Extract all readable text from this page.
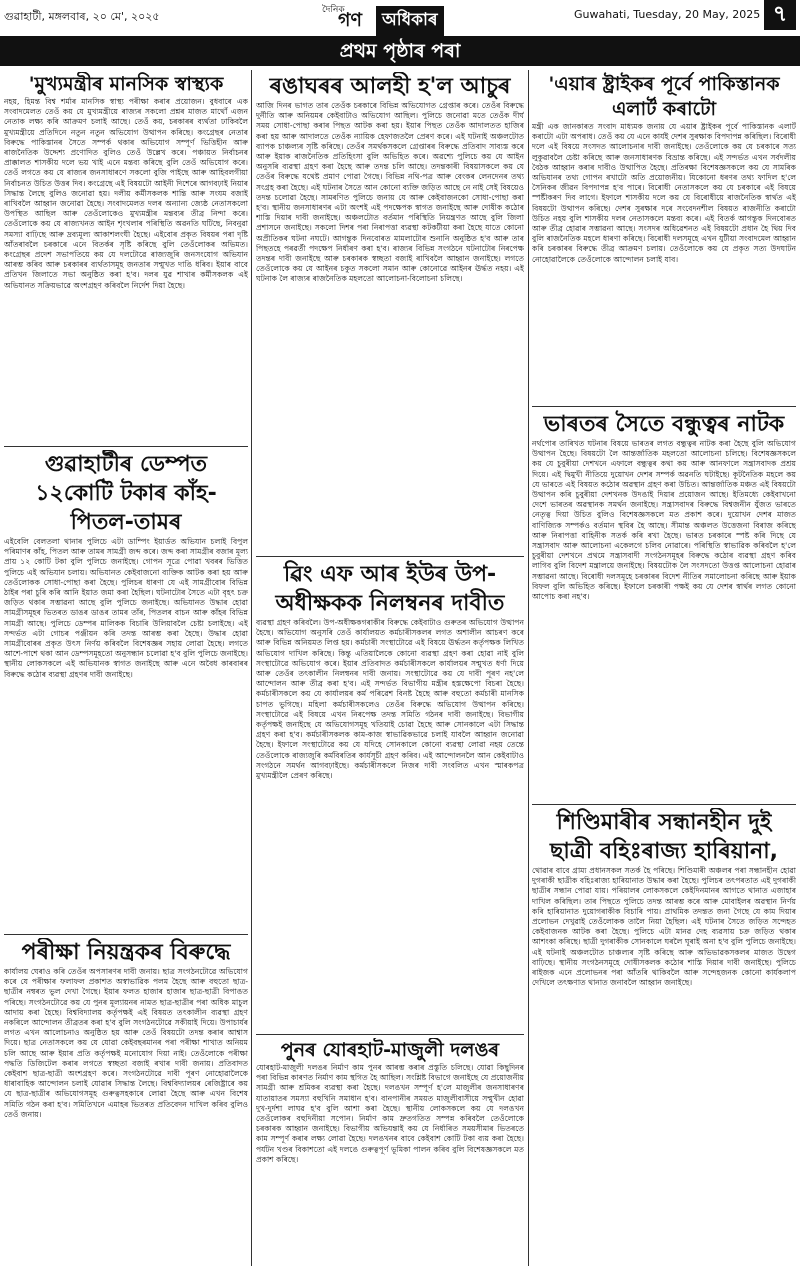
গুৱাহাটী, মঙ্গলবাৰ, ২০ মে', ২০২৫	দৈনিক
গণ	অধিকাৰ	Guwahati, Tuesday, 20 May, 2025 ৭
প্ৰথম পৃষ্ঠাৰ পৰা
'মুখ্যমন্ত্ৰীৰ মানসিক স্বাস্থ্যক

নহয়, হিমন্ত বিশ্ব শৰ্মাৰ মানসিক স্বাস্থ্য পৰীক্ষা কৰাৰ প্ৰয়োজন। বুধবাৰে এক সংবাদমেলত তেওঁ কয় যে মুখ্যমন্ত্ৰীয়ে ৰাজ্যৰ সকলো প্ৰশ্নৰ মাজত মাথোঁ এজন নেতাক লক্ষ্য কৰি আক্ৰমণ চলাই আছে। তেওঁ কয়, চৰকাৰৰ ব্যৰ্থতা ঢাকিবলৈ মুখ্যমন্ত্ৰীয়ে প্ৰতিদিনে নতুন নতুন অভিযোগ উত্থাপন কৰিছে। কংগ্ৰেছৰ নেতাৰ বিৰুদ্ধে পাকিস্তানৰ সৈতে সম্পৰ্ক থকাৰ অভিযোগ সম্পূৰ্ণ ভিত্তিহীন আৰু ৰাজনৈতিক উদ্দেশ্য প্ৰণোদিত বুলিও তেওঁ উল্লেখ কৰে। পঞ্চায়ত নিৰ্বাচনৰ প্ৰাক্কালত শাসকীয় দলে ভয় খাই এনে মন্তব্য কৰিছে বুলি তেওঁ অভিযোগ কৰে। তেওঁ লগতে কয় যে ৰাজ্যৰ জনসাধাৰণে সকলো বুজি পাইছে আৰু আহিবলগীয়া নিৰ্বাচনত উচিত উত্তৰ দিব। কংগ্ৰেছে এই বিষয়টো আইনী দিশেৰে আগবঢ়াই নিয়াৰ সিদ্ধান্ত লৈছে বুলিও জনোৱা হয়। দলীয় কৰ্মীসকলক শান্তি আৰু সংযম বজাই ৰাখিবলৈ আহ্বান জনোৱা হৈছে। সংবাদমেলত দলৰ অন্যান্য জ্যেষ্ঠ নেতাসকলো উপস্থিত আছিল আৰু তেওঁলোকেও মুখ্যমন্ত্ৰীৰ মন্তব্যৰ তীব্ৰ নিন্দা কৰে। তেওঁলোকে কয় যে ৰাজ্যখনত আইন শৃংখলাৰ পৰিস্থিতি অৱনতি ঘটিছে, নিবনুৱা সমস্যা বাঢ়িছে আৰু দ্ৰব্যমূল্য আকাশলংঘী হৈছে। এইবোৰ প্ৰকৃত বিষয়ৰ পৰা দৃষ্টি আঁতৰাবলৈ চৰকাৰে এনে বিতৰ্কৰ সৃষ্টি কৰিছে বুলি তেওঁলোকৰ অভিমত। কংগ্ৰেছৰ প্ৰদেশ সভাপতিয়ে কয় যে দলটোৱে ৰাজ্যজুৰি জনসংযোগ অভিযান আৰম্ভ কৰিব আৰু চৰকাৰৰ ব্যৰ্থতাসমূহ জনতাৰ সন্মুখত দাঙি ধৰিব। ইয়াৰ বাবে প্ৰতিখন জিলাতে সভা অনুষ্ঠিত কৰা হ'ব। দলৰ যুৱ শাখাৰ কৰ্মীসকলক এই অভিযানত সক্ৰিয়ভাৱে অংশগ্ৰহণ কৰিবলৈ নিৰ্দেশ দিয়া হৈছে।

গুৱাহাটীৰ ডেম্পত ১২কোটি টকাৰ কাঁহ-পিতল-তামৰ

এইবেলি বেলতলা থানাৰ পুলিচে এটা ডাম্পিং ইয়াৰ্ডত অভিযান চলাই বিপুল পৰিমাণৰ কাঁহ, পিতল আৰু তামৰ সামগ্ৰী জব্দ কৰে। জব্দ কৰা সামগ্ৰীৰ বজাৰ মূল্য প্ৰায় ১২ কোটি টকা বুলি পুলিচে জনাইছে। গোপন সূত্ৰে পোৱা খবৰৰ ভিত্তিত পুলিচে এই অভিযান চলায়। অভিযানত কেইবাজনো ব্যক্তিক আটক কৰা হয় আৰু তেওঁলোকক সোধা-পোছা কৰা হৈছে। পুলিচৰ ধাৰণা যে এই সামগ্ৰীবোৰ বিভিন্ন ঠাইৰ পৰা চুৰি কৰি আনি ইয়াত জমা কৰা হৈছিল। ঘটনাটোৰ সৈতে এটা বৃহৎ চক্ৰ জড়িত থকাৰ সম্ভাৱনা আছে বুলি পুলিচে জনাইছে। অভিযানত উদ্ধাৰ হোৱা সামগ্ৰীসমূহৰ ভিতৰত ডাঙৰ ডাঙৰ তামৰ তাঁৰ, পিতলৰ বাচন আৰু কাঁহৰ বিভিন্ন সামগ্ৰী আছে। পুলিচে ডেম্পৰ মালিকক বিচাৰি উলিয়াবলৈ চেষ্টা চলাইছে। এই সন্দৰ্ভত এটা গোচৰ পঞ্জীয়ন কৰি তদন্ত আৰম্ভ কৰা হৈছে। উদ্ধাৰ হোৱা সামগ্ৰীবোৰৰ প্ৰকৃত উৎস নিৰ্ণয় কৰিবলৈ বিশেষজ্ঞৰ সহায় লোৱা হৈছে। লগতে আশে-পাশে থকা আন ডেম্পসমূহতো অনুসন্ধান চলোৱা হ'ব বুলি পুলিচে জনাইছে। স্থানীয় লোকসকলে এই অভিযানক স্বাগত জনাইছে আৰু এনে অবৈধ কাৰবাৰৰ বিৰুদ্ধে কঠোৰ ব্যৱস্থা গ্ৰহণৰ দাবী জনাইছে।

পৰীক্ষা নিয়ন্ত্ৰকৰ বিৰুদ্ধে

কাৰ্যালয় ঘেৰাও কৰি তেওঁৰ অপসাৰণৰ দাবী জনায়। ছাত্ৰ সংগঠনটোৱে অভিযোগ কৰে যে পৰীক্ষাৰ ফলাফল প্ৰকাশত অস্বাভাৱিক পলম হৈছে আৰু বহুতো ছাত্ৰ-ছাত্ৰীৰ নম্বৰত ভুল দেখা গৈছে। ইয়াৰ ফলত হাজাৰ হাজাৰ ছাত্ৰ-ছাত্ৰী বিপাঙত পৰিছে। সংগঠনটোৱে কয় যে পুনৰ মূল্যায়নৰ নামত ছাত্ৰ-ছাত্ৰীৰ পৰা অধিক মাচুল আদায় কৰা হৈছে। বিশ্ববিদ্যালয় কৰ্তৃপক্ষই এই বিষয়ত তৎকালীন ব্যৱস্থা গ্ৰহণ নকৰিলে আন্দোলন তীব্ৰতৰ কৰা হ'ব বুলি সংগঠনটোৱে সকীয়াই দিয়ে। উপাচাৰ্যৰ লগত এখন আলোচনাও অনুষ্ঠিত হয় আৰু তেওঁ বিষয়টো তদন্ত কৰাৰ আশ্বাস দিয়ে। ছাত্ৰ নেতাসকলে কয় যে যোৱা কেইবছৰমানৰ পৰা পৰীক্ষা শাখাত অনিয়ম চলি আছে আৰু ইয়াৰ প্ৰতি কৰ্তৃপক্ষই মনোযোগ দিয়া নাই। তেওঁলোকে পৰীক্ষা পদ্ধতি ডিজিটেল কৰাৰ লগতে স্বচ্ছতা বজাই ৰখাৰ দাবী জনায়। প্ৰতিবাদত কেইবাশ ছাত্ৰ-ছাত্ৰী অংশগ্ৰহণ কৰে। সংগঠনটোৱে দাবী পূৰণ নোহোৱালৈকে ধাৰাবাহিক আন্দোলন চলাই যোৱাৰ সিদ্ধান্ত লৈছে। বিশ্ববিদ্যালয়ৰ ৰেজিষ্ট্ৰাৰে কয় যে ছাত্ৰ-ছাত্ৰীৰ অভিযোগসমূহ গুৰুত্বসহকাৰে লোৱা হৈছে আৰু এখন বিশেষ সমিতি গঠন কৰা হ'ব। সমিতিখনে এমাহৰ ভিতৰত প্ৰতিবেদন দাখিল কৰিব বুলিও তেওঁ জনায়।

ৰঙাঘৰৰ আলহী হ'ল আচুৰ

আজি দিনৰ ভাগত তাৰ তেওঁক চৰকাৰে বিভিন্ন অভিযোগত গ্ৰেপ্তাৰ কৰে। তেওঁৰ বিৰুদ্ধে দুৰ্নীতি আৰু অনিয়মৰ কেইবাটাও অভিযোগ আছিল। পুলিচে জনোৱা মতে তেওঁক দীৰ্ঘ সময় সোধা-পোছা কৰাৰ পিছত আটক কৰা হয়। ইয়াৰ পিছত তেওঁক আদালতত হাজিৰ কৰা হয় আৰু আদালতে তেওঁক ন্যায়িক হেফাজতলৈ প্ৰেৰণ কৰে। এই ঘটনাই অঞ্চলটোত ব্যাপক চাঞ্চল্যৰ সৃষ্টি কৰিছে। তেওঁৰ সমৰ্থকসকলে গ্ৰেপ্তাৰৰ বিৰুদ্ধে প্ৰতিবাদ সাব্যস্ত কৰে আৰু ইয়াক ৰাজনৈতিক প্ৰতিহিংসা বুলি অভিহিত কৰে। অৱশ্যে পুলিচে কয় যে আইন অনুসৰি ব্যৱস্থা গ্ৰহণ কৰা হৈছে আৰু তদন্ত চলি আছে। তদন্তকাৰী বিষয়াসকলে কয় যে তেওঁৰ বিৰুদ্ধে যথেষ্ট প্ৰমাণ পোৱা গৈছে। বিভিন্ন নথি-পত্ৰ আৰু বেংকৰ লেনদেনৰ তথ্য সংগ্ৰহ কৰা হৈছে। এই ঘটনাৰ সৈতে আন কোনো ব্যক্তি জড়িত আছে নে নাই সেই বিষয়েও তদন্ত চলোৱা হৈছে। সামৰণিত পুলিচে জনায় যে আৰু কেইবাজনকো সোধা-পোছা কৰা হ'ব। স্থানীয় জনসাধাৰণৰ এটা অংশই এই পদক্ষেপক স্বাগত জনাইছে আৰু দোষীক কঠোৰ শাস্তি দিয়াৰ দাবী জনাইছে। অঞ্চলটোত বৰ্তমান পৰিস্থিতি নিয়ন্ত্ৰণত আছে বুলি জিলা প্ৰশাসনে জনাইছে। সকলো দিশৰ পৰা নিৰাপত্তা ব্যৱস্থা কটকটীয়া কৰা হৈছে যাতে কোনো অপ্ৰীতিকৰ ঘটনা নঘটে। আগন্তুক দিনবোৰত মামলাটোৰ শুনানি অনুষ্ঠিত হ'ব আৰু তাৰ পিছতহে পৰৱৰ্তী পদক্ষেপ নিৰ্ধাৰণ কৰা হ'ব। ৰাজ্যৰ বিভিন্ন সংগঠনে ঘটনাটোৰ নিৰপেক্ষ তদন্তৰ দাবী জনাইছে আৰু চৰকাৰক স্বচ্ছতা বজাই ৰাখিবলৈ আহ্বান জনাইছে। লগতে তেওঁলোকে কয় যে আইনৰ চকুত সকলো সমান আৰু কোনোৱে আইনৰ ঊৰ্দ্ধত নহয়। এই ঘটনাক লৈ ৰাজ্যৰ ৰাজনৈতিক মহলতো আলোচনা-বিলোচনা চলিছে।

ৱিং এফ আৰ ইউৰ উপ-অধীক্ষকক নিলম্বনৰ দাবীত

ব্যৱস্থা গ্ৰহণ কৰিবলৈ। উপ-অধীক্ষকগৰাকীৰ বিৰুদ্ধে কেইবাটাও গুৰুতৰ অভিযোগ উত্থাপন হৈছে। অভিযোগ অনুসৰি তেওঁ কাৰ্যালয়ত কৰ্মচাৰীসকলৰ লগত অশালীন আচৰণ কৰে আৰু বিভিন্ন অনিয়মত লিপ্ত হয়। কৰ্মচাৰী সংস্থাটোৱে এই বিষয়ে ঊৰ্দ্ধতন কৰ্তৃপক্ষক লিখিত অভিযোগ দাখিল কৰিছে। কিন্তু এতিয়ালৈকে কোনো ব্যৱস্থা গ্ৰহণ কৰা হোৱা নাই বুলি সংস্থাটোৱে অভিযোগ কৰে। ইয়াৰ প্ৰতিবাদত কৰ্মচাৰীসকলে কাৰ্যালয়ৰ সন্মুখত ধৰ্ণা দিয়ে আৰু তেওঁৰ তৎকালীন নিলম্বনৰ দাবী জনায়। সংস্থাটোৱে কয় যে দাবী পূৰণ নহ'লে আন্দোলন আৰু তীব্ৰ কৰা হ'ব। এই সন্দৰ্ভত বিভাগীয় মন্ত্ৰীৰ হস্তক্ষেপো বিচৰা হৈছে। কৰ্মচাৰীসকলে কয় যে কাৰ্যালয়ৰ কৰ্ম পৰিৱেশ বিনষ্ট হৈছে আৰু বহুতো কৰ্মচাৰী মানসিক চাপত ভুগিছে। মহিলা কৰ্মচাৰীসকলেও তেওঁৰ বিৰুদ্ধে অভিযোগ উত্থাপন কৰিছে। সংস্থাটোৱে এই বিষয়ে এখন নিৰপেক্ষ তদন্ত সমিতি গঠনৰ দাবী জনাইছে। বিভাগীয় কৰ্তৃপক্ষই জনাইছে যে অভিযোগসমূহ খতিয়াই চোৱা হৈছে আৰু সোনকালে এটা সিদ্ধান্ত গ্ৰহণ কৰা হ'ব। কৰ্মচাৰীসকলক কাম-কাজ স্বাভাৱিকভাৱে চলাই যাবলৈ আহ্বান জনোৱা হৈছে। ইফালে সংস্থাটোৱে কয় যে যদিহে সোনকালে কোনো ব্যৱস্থা লোৱা নহয় তেন্তে তেওঁলোকে ৰাজ্যজুৰি কৰ্মবিৰতিৰ কাৰ্যসূচী গ্ৰহণ কৰিব। এই আন্দোলনলৈ আন কেইবাটাও সংগঠনে সমৰ্থন আগবঢ়াইছে। কৰ্মচাৰীসকলে নিজৰ দাবী সংবলিত এখন স্মাৰকপত্ৰ মুখ্যমন্ত্ৰীলৈ প্ৰেৰণ কৰিছে।

পুনৰ যোৰহাট-মাজুলী দলঙৰ

যোৰহাট-মাজুলী দলঙৰ নিৰ্মাণ কাম পুনৰ আৰম্ভ কৰাৰ প্ৰস্তুতি চলিছে। যোৱা কিছুদিনৰ পৰা বিভিন্ন কাৰণত নিৰ্মাণ কাম স্থগিত হৈ আছিল। সংশ্লিষ্ট বিভাগে জনাইছে যে প্ৰয়োজনীয় সামগ্ৰী আৰু শ্ৰমিকৰ ব্যৱস্থা কৰা হৈছে। দলঙখন সম্পূৰ্ণ হ'লে মাজুলীৰ জনসাধাৰণৰ যাতায়াতৰ সমস্যা বহুখিনি সমাধান হ'ব। বানপানীৰ সময়ত মাজুলীবাসীয়ে সন্মুখীন হোৱা দুখ-দুৰ্দশা লাঘৱ হ'ব বুলি আশা কৰা হৈছে। স্থানীয় লোকসকলে কয় যে দলঙখন তেওঁলোকৰ বহুদিনীয়া সপোন। নিৰ্মাণ কাম দ্ৰুতগতিত সম্পন্ন কৰিবলৈ তেওঁলোকে চৰকাৰক আহ্বান জনাইছে। বিভাগীয় অভিযন্তাই কয় যে নিৰ্ধাৰিত সময়সীমাৰ ভিতৰতে কাম সম্পূৰ্ণ কৰাৰ লক্ষ্য লোৱা হৈছে। দলঙখনৰ বাবে কেইবাশ কোটি টকা ব্যয় কৰা হৈছে। পৰ্যটন খণ্ডৰ বিকাশতো এই দলঙে গুৰুত্বপূৰ্ণ ভূমিকা পালন কৰিব বুলি বিশেষজ্ঞসকলে মত প্ৰকাশ কৰিছে।

'এয়াৰ ষ্ট্ৰাইকৰ পূৰ্বে পাকিস্তানক এলাৰ্ট কৰাটো

মন্ত্ৰী এক জানকাৰত সংবাদ মাধ্যমক জনায় যে এয়াৰ ষ্ট্ৰাইকৰ পূৰ্বে পাকিস্তানক এলাৰ্ট কৰাটো এটা অপৰাধ। তেওঁ কয় যে এনে কাৰ্যই দেশৰ সুৰক্ষাক বিপদাপন্ন কৰিছিল। বিৰোধী দলে এই বিষয়ে সংসদত আলোচনাৰ দাবী জনাইছে। তেওঁলোকে কয় যে চৰকাৰে সত্য লুকুৱাবলৈ চেষ্টা কৰিছে আৰু জনসাধাৰণক বিভ্ৰান্ত কৰিছে। এই সন্দৰ্ভত এখন সৰ্বদলীয় বৈঠক আহ্বান কৰাৰ দাবীও উত্থাপিত হৈছে। প্ৰতিৰক্ষা বিশেষজ্ঞসকলে কয় যে সামৰিক অভিযানৰ তথ্য গোপন ৰখাটো অতি প্ৰয়োজনীয়। যিকোনো ধৰণৰ তথ্য ফাদিল হ'লে সৈনিকৰ জীৱন বিপদাপন্ন হ'ব পাৰে। বিৰোধী নেতাসকলে কয় যে চৰকাৰে এই বিষয়ে স্পষ্টীকৰণ দিব লাগে। ইফালে শাসকীয় দলে কয় যে বিৰোধীয়ে ৰাজনৈতিক স্বাৰ্থত এই বিষয়টো উত্থাপন কৰিছে। দেশৰ সুৰক্ষাৰ দৰে সংবেদনশীল বিষয়ত ৰাজনীতি কৰাটো উচিত নহয় বুলি শাসকীয় দলৰ নেতাসকলে মন্তব্য কৰে। এই বিতৰ্ক আগন্তুক দিনবোৰত আৰু তীব্ৰ হোৱাৰ সম্ভাৱনা আছে। সংসদৰ অধিৱেশনত এই বিষয়টো প্ৰধান হৈ থিয় দিব বুলি ৰাজনৈতিক মহলে ধাৰণা কৰিছে। বিৰোধী দলসমূহে এখন যুটীয়া সংবাদমেল আহ্বান কৰি চৰকাৰৰ বিৰুদ্ধে তীব্ৰ আক্ৰমণ চলায়। তেওঁলোকে কয় যে প্ৰকৃত সত্য উদঘাটন নোহোৱালৈকে তেওঁলোকে আন্দোলন চলাই যাব।

ভাৰতৰ সৈতে বন্ধুত্বৰ নাটক

নৰ্থপোৰ তাৰিখত ঘটনাৰ বিষয়ে ভাৰতৰ লগত বন্ধুত্বৰ নাটক কৰা হৈছে বুলি অভিযোগ উত্থাপন হৈছে। বিষয়টো লৈ আন্তৰ্জাতিক মহলতো আলোচনা চলিছে। বিশেষজ্ঞসকলে কয় যে চুবুৰীয়া দেশখনে এফালে বন্ধুত্বৰ কথা কয় আৰু আনফালে সন্ত্ৰাসবাদক প্ৰশ্ৰয় দিয়ে। এই দ্বিমুখী নীতিয়ে দুয়োখন দেশৰ সম্পৰ্ক অৱনতি ঘটাইছে। কূটনৈতিক মহলে কয় যে ভাৰতে এই বিষয়ত কঠোৰ অৱস্থান গ্ৰহণ কৰা উচিত। আন্তৰ্জাতিক মঞ্চত এই বিষয়টো উত্থাপন কৰি চুবুৰীয়া দেশখনক উদঙাই দিয়াৰ প্ৰয়োজন আছে। ইতিমধ্যে কেইবাখনো দেশে ভাৰতৰ অৱস্থানক সমৰ্থন জনাইছে। সন্ত্ৰাসবাদৰ বিৰুদ্ধে বিশ্বজনীন যুঁজত ভাৰতে নেতৃত্ব দিয়া উচিত বুলিও বিশেষজ্ঞসকলে মত প্ৰকাশ কৰে। দুয়োখন দেশৰ মাজত বাণিজ্যিক সম্পৰ্কও বৰ্তমান স্থবিৰ হৈ আছে। সীমান্ত অঞ্চলত উত্তেজনা বিৰাজ কৰিছে আৰু নিৰাপত্তা বাহিনীক সতৰ্ক কৰি ৰখা হৈছে। ভাৰত চৰকাৰে স্পষ্ট কৰি দিছে যে সন্ত্ৰাসবাদ আৰু আলোচনা একেলগে চলিব নোৱাৰে। পৰিস্থিতি স্বাভাৱিক কৰিবলৈ হ'লে চুবুৰীয়া দেশখনে প্ৰথমে সন্ত্ৰাসবাদী সংগঠনসমূহৰ বিৰুদ্ধে কঠোৰ ব্যৱস্থা গ্ৰহণ কৰিব লাগিব বুলি বিদেশ মন্ত্ৰালয়ে জনাইছে। বিষয়টোক লৈ সংসদতো উত্তপ্ত আলোচনা হোৱাৰ সম্ভাৱনা আছে। বিৰোধী দলসমূহে চৰকাৰৰ বিদেশ নীতিৰ সমালোচনা কৰিছে আৰু ইয়াক বিফল বুলি অভিহিত কৰিছে। ইফালে চৰকাৰী পক্ষই কয় যে দেশৰ স্বাৰ্থৰ লগত কোনো আপোচ কৰা নহ'ব।

শিণ্ডিমাৰীৰ সন্ধানহীন দুই ছাত্ৰী বহিঃৰাজ্য হাৰিয়ানা,

থোৱাৰ বাবে গ্ৰাম্য প্ৰধানসকল সতৰ্ক হৈ পৰিছে। শিণ্ডিমাৰী অঞ্চলৰ পৰা সন্ধানহীন হোৱা দুগৰাকী ছাত্ৰীক বহিঃৰাজ্য হাৰিয়ানাত উদ্ধাৰ কৰা হৈছে। পুলিচৰ তৎপৰতাত এই দুগৰাকী ছাত্ৰীৰ সন্ধান পোৱা যায়। পৰিয়ালৰ লোকসকলে কেইদিনমানৰ আগতে থানাত এজাহাৰ দাখিল কৰিছিল। তাৰ পিছতে পুলিচে তদন্ত আৰম্ভ কৰে আৰু মোবাইলৰ অৱস্থান নিৰ্ণয় কৰি হাৰিয়ানাত দুয়োগৰাকীক বিচাৰি পায়। প্ৰাথমিক তদন্তত জনা গৈছে যে কাম দিয়াৰ প্ৰলোভন দেখুৱাই তেওঁলোকক তালৈ নিয়া হৈছিল। এই ঘটনাৰ সৈতে জড়িত সন্দেহত কেইবাজনক আটক কৰা হৈছে। পুলিচে এটা মানৱ দেহ ব্যৱসায় চক্ৰ জড়িত থকাৰ আশংকা কৰিছে। ছাত্ৰী দুগৰাকীক সোনকালে ঘৰলৈ ঘূৰাই অনা হ'ব বুলি পুলিচে জনাইছে। এই ঘটনাই অঞ্চলটোত চাঞ্চল্যৰ সৃষ্টি কৰিছে আৰু অভিভাৱকসকলৰ মাজত উদ্বেগ বাঢ়িছে। স্থানীয় সংগঠনসমূহে দোষীসকলক কঠোৰ শাস্তি দিয়াৰ দাবী জনাইছে। পুলিচে ৰাইজক এনে প্ৰলোভনৰ পৰা আঁতৰি থাকিবলৈ আৰু সন্দেহজনক কোনো কাৰ্যকলাপ দেখিলে তৎক্ষণাত থানাত জনাবলৈ আহ্বান জনাইছে।
